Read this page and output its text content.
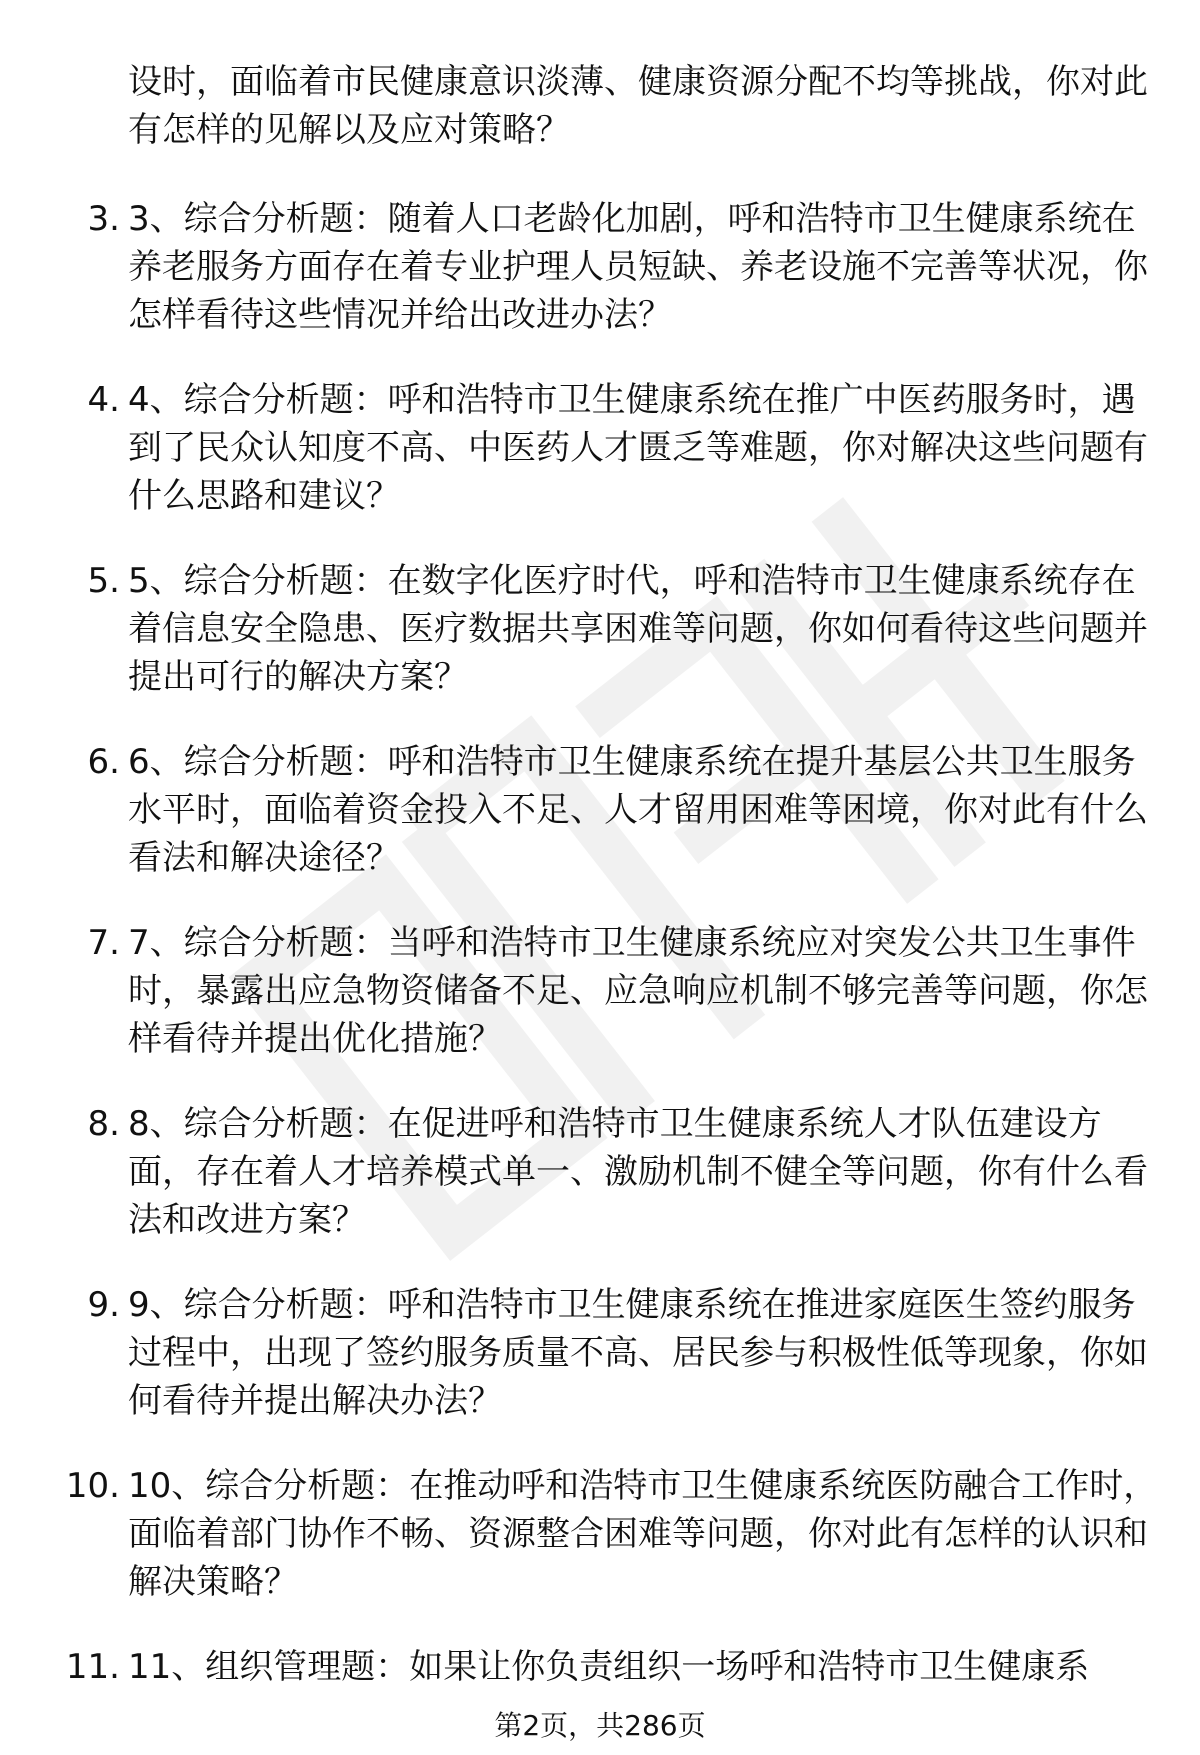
设时，面临着市民健康意识淡薄、健康资源分配不均等挑战，你对此有怎样的见解以及应对策略？

3. 3、综合分析题：随着人口老龄化加剧，呼和浩特市卫生健康系统在养老服务方面存在着专业护理人员短缺、养老设施不完善等状况，你怎样看待这些情况并给出改进办法？
4. 4、综合分析题：呼和浩特市卫生健康系统在推广中医药服务时，遇到了民众认知度不高、中医药人才匮乏等难题，你对解决这些问题有什么思路和建议？
5. 5、综合分析题：在数字化医疗时代，呼和浩特市卫生健康系统存在着信息安全隐患、医疗数据共享困难等问题，你如何看待这些问题并提出可行的解决方案？
6. 6、综合分析题：呼和浩特市卫生健康系统在提升基层公共卫生服务水平时，面临着资金投入不足、人才留用困难等困境，你对此有什么看法和解决途径？
7. 7、综合分析题：当呼和浩特市卫生健康系统应对突发公共卫生事件时，暴露出应急物资储备不足、应急响应机制不够完善等问题，你怎样看待并提出优化措施？
8. 8、综合分析题：在促进呼和浩特市卫生健康系统人才队伍建设方面，存在着人才培养模式单一、激励机制不健全等问题，你有什么看法和改进方案？
9. 9、综合分析题：呼和浩特市卫生健康系统在推进家庭医生签约服务过程中，出现了签约服务质量不高、居民参与积极性低等现象，你如何看待并提出解决办法？
10. 10、综合分析题：在推动呼和浩特市卫生健康系统医防融合工作时，面临着部门协作不畅、资源整合困难等问题，你对此有怎样的认识和解决策略？
11. 11、组织管理题：如果让你负责组织一场呼和浩特市卫生健康系
第2页，共286页
